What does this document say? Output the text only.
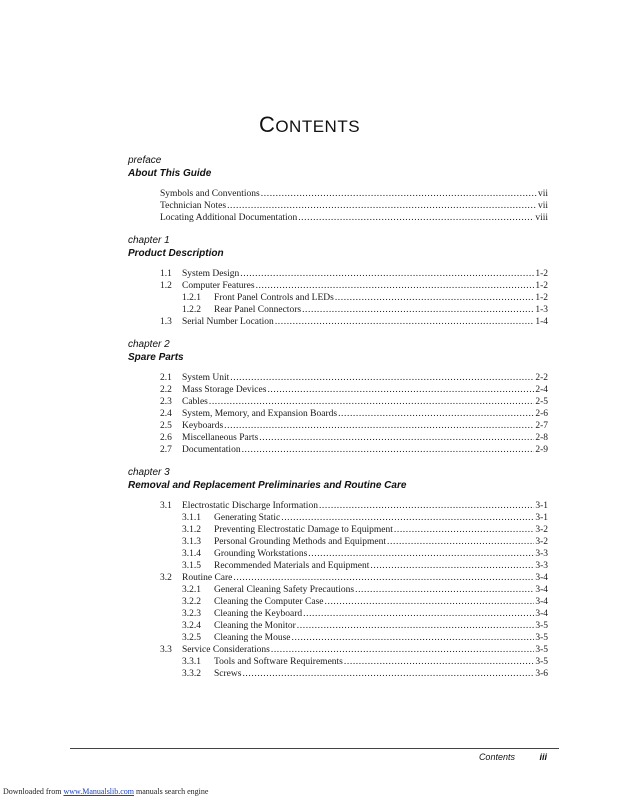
CONTENTS
preface
About This Guide
Symbols and Conventions .....	vii
Technician Notes .....	vii
Locating Additional Documentation .....	viii
chapter 1
Product Description
1.1	System Design .....	1-2
1.2	Computer Features .....	1-2
1.2.1	Front Panel Controls and LEDs .....	1-2
1.2.2	Rear Panel Connectors .....	1-3
1.3	Serial Number Location .....	1-4
chapter 2
Spare Parts
2.1	System Unit .....	2-2
2.2	Mass Storage Devices .....	2-4
2.3	Cables .....	2-5
2.4	System, Memory, and Expansion Boards .....	2-6
2.5	Keyboards .....	2-7
2.6	Miscellaneous Parts .....	2-8
2.7	Documentation .....	2-9
chapter 3
Removal and Replacement Preliminaries and Routine Care
3.1	Electrostatic Discharge Information .....	3-1
3.1.1	Generating Static .....	3-1
3.1.2	Preventing Electrostatic Damage to Equipment .....	3-2
3.1.3	Personal Grounding Methods and Equipment .....	3-2
3.1.4	Grounding Workstations .....	3-3
3.1.5	Recommended Materials and Equipment .....	3-3
3.2	Routine Care .....	3-4
3.2.1	General Cleaning Safety Precautions .....	3-4
3.2.2	Cleaning the Computer Case .....	3-4
3.2.3	Cleaning the Keyboard .....	3-4
3.2.4	Cleaning the Monitor .....	3-5
3.2.5	Cleaning the Mouse .....	3-5
3.3	Service Considerations .....	3-5
3.3.1	Tools and Software Requirements .....	3-5
3.3.2	Screws .....	3-6
Contents	iii
Downloaded from www.Manualslib.com manuals search engine
